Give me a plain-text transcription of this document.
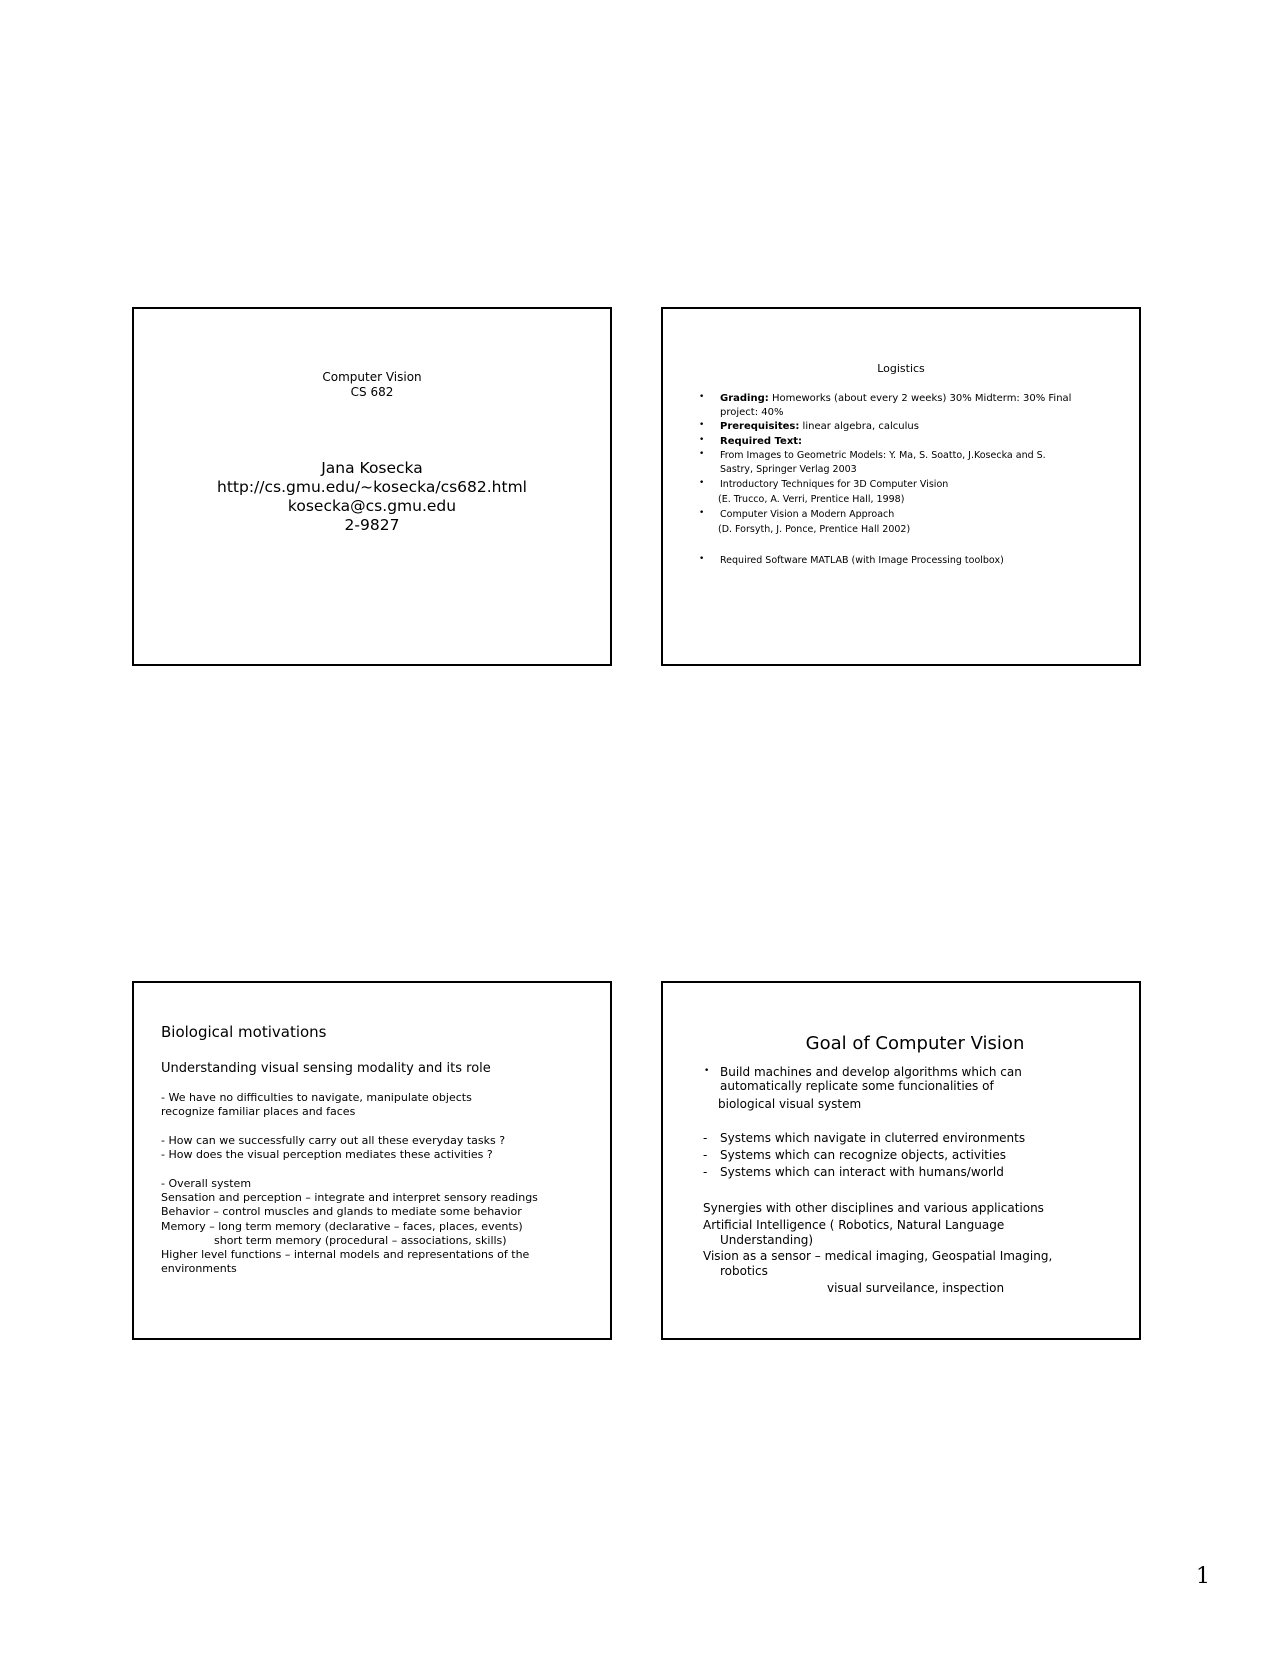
Computer Vision
CS 682
Jana Kosecka
http://cs.gmu.edu/~kosecka/cs682.html
kosecka@cs.gmu.edu
2-9827
Logistics
• Grading: Homeworks (about every 2 weeks) 30% Midterm: 30% Final
project: 40%
• Prerequisites: linear algebra, calculus
• Required Text:
• From Images to Geometric Models: Y. Ma, S. Soatto, J.Kosecka and S.
Sastry, Springer Verlag 2003
• Introductory Techniques for 3D Computer Vision
(E. Trucco, A. Verri, Prentice Hall, 1998)
• Computer Vision a Modern Approach
(D. Forsyth, J. Ponce, Prentice Hall 2002)
• Required Software MATLAB (with Image Processing toolbox)
Biological motivations
Understanding visual sensing modality and its role
- We have no difficulties to navigate, manipulate objects
recognize familiar places and faces
- How can we successfully carry out all these everyday tasks ?
- How does the visual perception mediates these activities ?
- Overall system
Sensation and perception – integrate and interpret sensory readings
Behavior – control muscles and glands to mediate some behavior
Memory – long term memory (declarative – faces, places, events)
short term memory (procedural – associations, skills)
Higher level functions – internal models and representations of the
environments
Goal of Computer Vision
• Build machines and develop algorithms which can
automatically replicate some funcionalities of
biological visual system
- Systems which navigate in cluterred environments
- Systems which can recognize objects, activities
- Systems which can interact with humans/world
Synergies with other disciplines and various applications
Artificial Intelligence ( Robotics, Natural Language
Understanding)
Vision as a sensor – medical imaging, Geospatial Imaging,
robotics
visual surveilance, inspection
1
